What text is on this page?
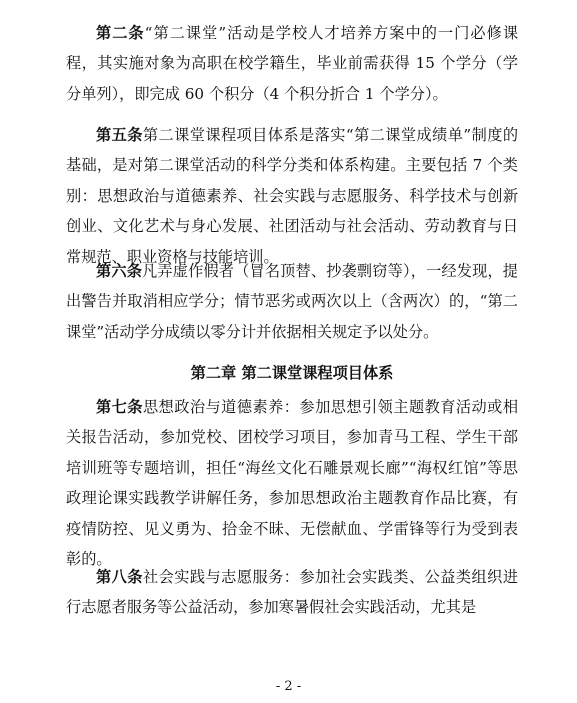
第二条“第二课堂”活动是学校人才培养方案中的一门必修课程，其实施对象为高职在校学籍生，毕业前需获得 15 个学分（学分单列），即完成 60 个积分（4 个积分折合 1 个学分）。

第五条第二课堂课程项目体系是落实“第二课堂成绩单”制度的基础，是对第二课堂活动的科学分类和体系构建。主要包括 7 个类别：思想政治与道德素养、社会实践与志愿服务、科学技术与创新创业、文化艺术与身心发展、社团活动与社会活动、劳动教育与日常规范、职业资格与技能培训。

第六条凡弄虚作假者（冒名顶替、抄袭剽窃等），一经发现，提出警告并取消相应学分；情节恶劣或两次以上（含两次）的，“第二课堂”活动学分成绩以零分计并依据相关规定予以处分。

第二章 第二课堂课程项目体系

第七条思想政治与道德素养：参加思想引领主题教育活动或相关报告活动，参加党校、团校学习项目，参加青马工程、学生干部培训班等专题培训，担任“海丝文化石雕景观长廊”“海权红馆”等思政理论课实践教学讲解任务，参加思想政治主题教育作品比赛，有疫情防控、见义勇为、拾金不昧、无偿献血、学雷锋等行为受到表彰的。

第八条社会实践与志愿服务：参加社会实践类、公益类组织进行志愿者服务等公益活动，参加寒暑假社会实践活动，尤其是

- 2 -
